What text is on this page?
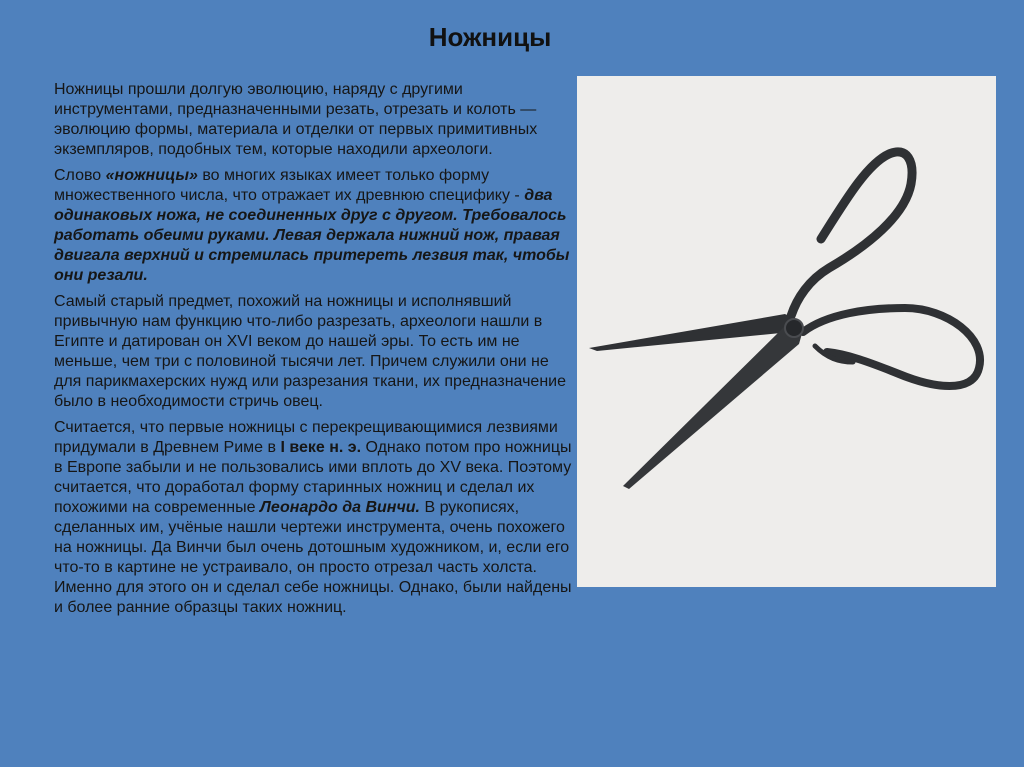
Ножницы

Ножницы прошли долгую эволюцию, наряду с другими инструментами, предназначенными резать, отрезать и колоть — эволюцию формы, материала и отделки от первых примитивных экземпляров, подобных тем, которые находили археологи.

Слово «ножницы» во многих языках имеет только форму множественного числа, что отражает их древнюю специфику - два одинаковых ножа, не соединенных друг с другом. Требовалось работать обеими руками. Левая держала нижний нож, правая двигала верхний и стремилась притереть лезвия так, чтобы они резали.

Самый старый предмет, похожий на ножницы и исполнявший привычную нам функцию что-либо разрезать, археологи нашли в Египте и датирован он XVI веком до нашей эры. То есть им не меньше, чем три с половиной тысячи лет. Причем служили они не для парикмахерских нужд или разрезания ткани, их предназначение было в необходимости стричь овец.

Считается, что первые ножницы с перекрещивающимися лезвиями придумали в Древнем Риме в I веке н. э. Однако потом про ножницы в Европе забыли и не пользовались ими вплоть до XV века. Поэтому считается, что доработал форму старинных ножниц и сделал их похожими на современные Леонардо да Винчи. В рукописях, сделанных им, учёные нашли чертежи инструмента, очень похожего на ножницы. Да Винчи был очень дотошным художником, и, если его что-то в картине не устраивало, он просто отрезал часть холста. Именно для этого он и сделал себе ножницы. Однако, были найдены и более ранние образцы таких ножниц.
